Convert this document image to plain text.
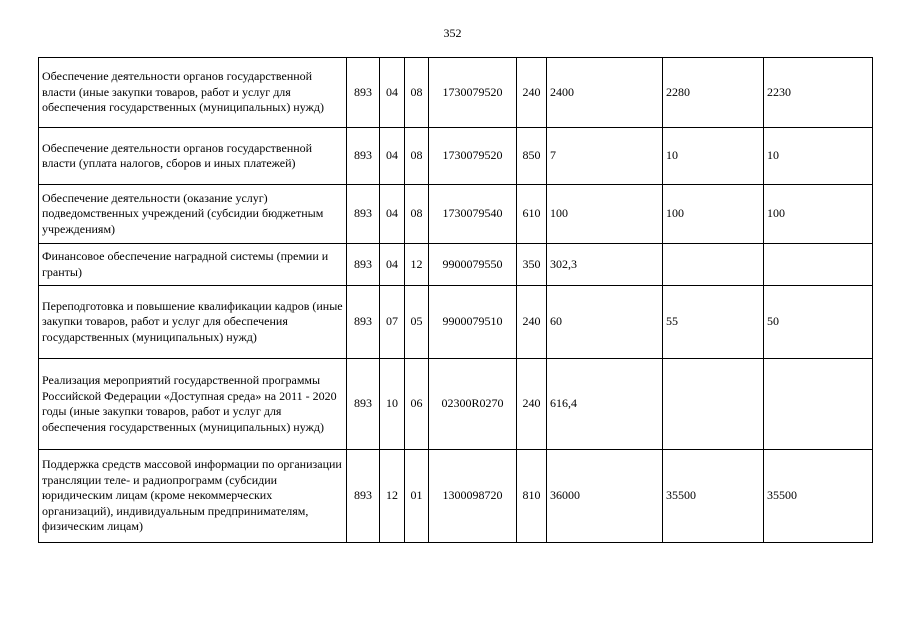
352
Обеспечение деятельности органов государственной власти (иные закупки товаров, работ и услуг для обеспечения государственных (муниципальных) нужд)	893	04	08	1730079520	240	2400	2280	2230
Обеспечение деятельности органов государственной власти (уплата налогов, сборов и иных платежей)	893	04	08	1730079520	850	7	10	10
Обеспечение деятельности (оказание услуг) подведомственных учреждений (субсидии бюджетным учреждениям)	893	04	08	1730079540	610	100	100	100
Финансовое обеспечение наградной системы (премии и гранты)	893	04	12	9900079550	350	302,3		
Переподготовка и повышение квалификации кадров (иные закупки товаров, работ и услуг для обеспечения государственных (муниципальных) нужд)	893	07	05	9900079510	240	60	55	50
Реализация мероприятий государственной программы Российской Федерации «Доступная среда» на 2011 - 2020 годы (иные закупки товаров, работ и услуг для обеспечения государственных (муниципальных) нужд)	893	10	06	02300R0270	240	616,4		
Поддержка средств массовой информации по организации трансляции теле- и радиопрограмм (субсидии юридическим лицам (кроме некоммерческих организаций), индивидуальным предпринимателям, физическим лицам)	893	12	01	1300098720	810	36000	35500	35500
